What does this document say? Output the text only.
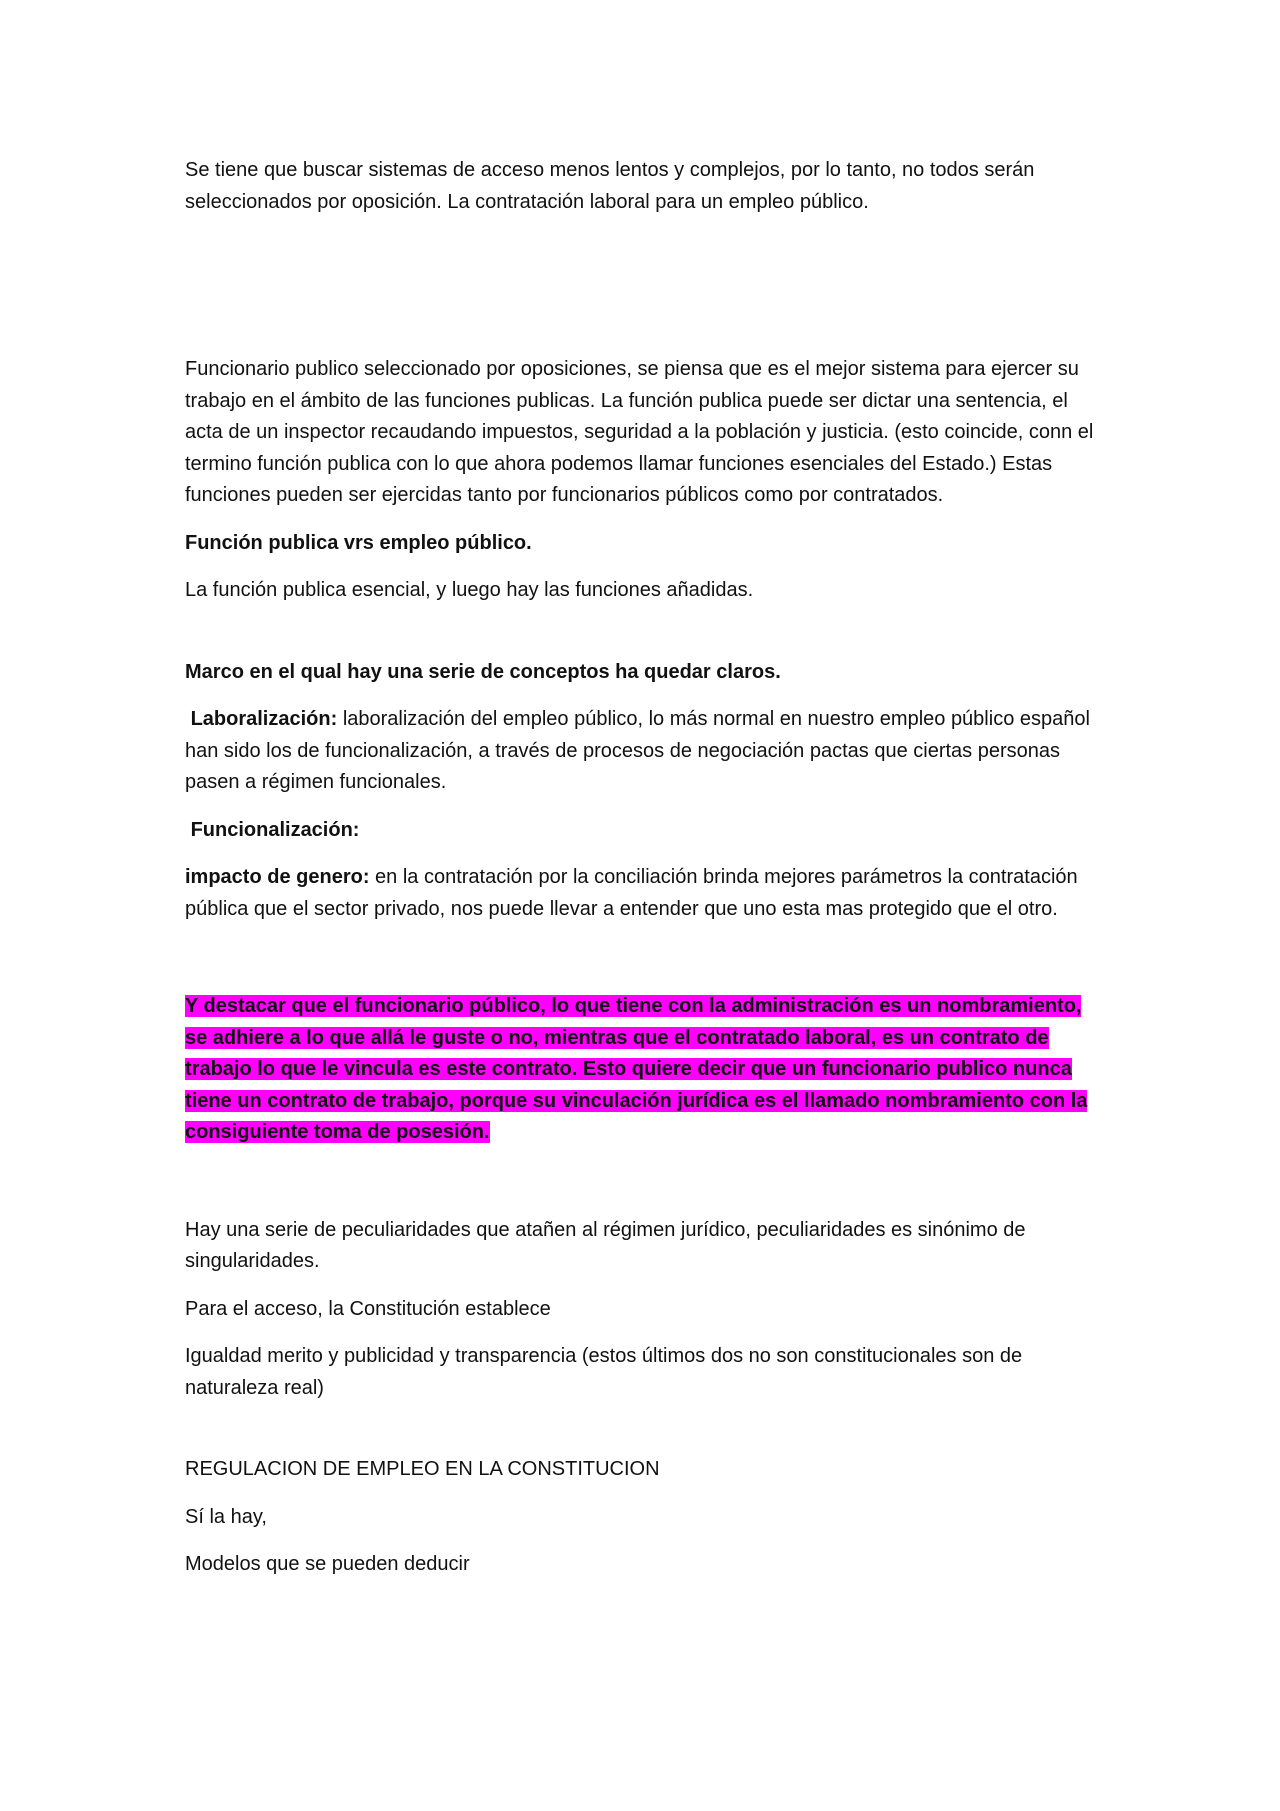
Se tiene que buscar sistemas de acceso menos lentos y complejos, por lo tanto, no todos serán seleccionados por oposición. La contratación laboral para un empleo público.

Funcionario publico seleccionado por oposiciones, se piensa que es el mejor sistema para ejercer su trabajo en el ámbito de las funciones publicas. La función publica puede ser dictar una sentencia, el acta de un inspector recaudando impuestos, seguridad a la población y justicia. (esto coincide, conn el termino función publica con lo que ahora podemos llamar funciones esenciales del Estado.) Estas funciones pueden ser ejercidas tanto por funcionarios públicos como por contratados.

Función publica vrs empleo público.

La función publica esencial, y luego hay las funciones añadidas.

Marco en el qual hay una serie de conceptos ha quedar claros.

Laboralización: laboralización del empleo público, lo más normal en nuestro empleo público español han sido los de funcionalización, a través de procesos de negociación pactas que ciertas personas pasen a régimen funcionales.

Funcionalización:

impacto de genero: en la contratación por la conciliación brinda mejores parámetros la contratación pública que el sector privado, nos puede llevar a entender que uno esta mas protegido que el otro.

Y destacar que el funcionario público, lo que tiene con la administración es un nombramiento, se adhiere a lo que allá le guste o no, mientras que el contratado laboral, es un contrato de trabajo lo que le vincula es este contrato. Esto quiere decir que un funcionario publico nunca tiene un contrato de trabajo, porque su vinculación jurídica es el llamado nombramiento con la consiguiente toma de posesión.

Hay una serie de peculiaridades que atañen al régimen jurídico, peculiaridades es sinónimo de singularidades.

Para el acceso, la Constitución establece

Igualdad merito y publicidad y transparencia (estos últimos dos no son constitucionales son de naturaleza real)

REGULACION DE EMPLEO EN LA CONSTITUCION

Sí la hay,

Modelos que se pueden deducir
